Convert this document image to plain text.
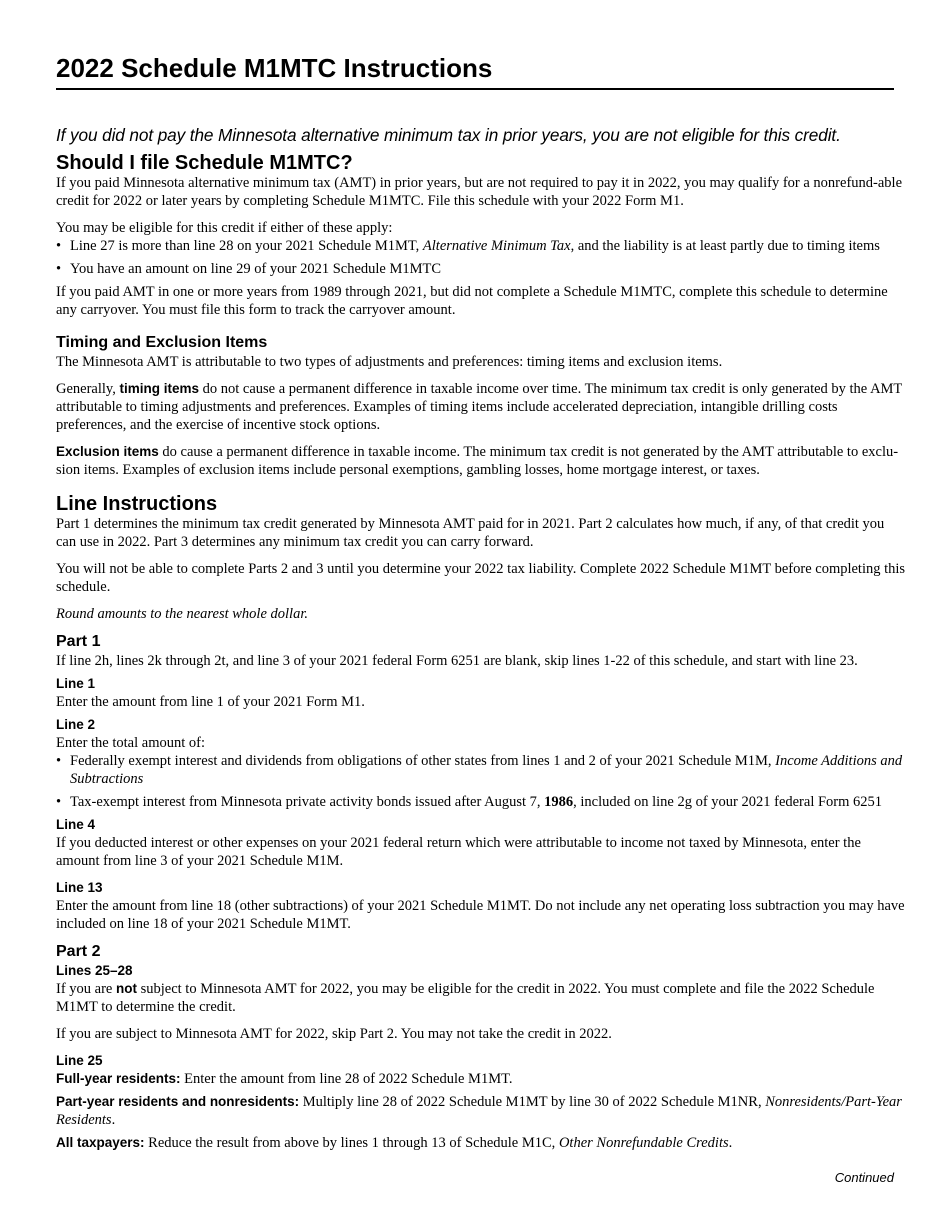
2022 Schedule M1MTC Instructions
If you did not pay the Minnesota alternative minimum tax in prior years, you are not eligible for this credit.
Should I file Schedule M1MTC?

If you paid Minnesota alternative minimum tax (AMT) in prior years, but are not required to pay it in 2022, you may qualify for a nonrefund-able credit for 2022 or later years by completing Schedule M1MTC. File this schedule with your 2022 Form M1.

You may be eligible for this credit if either of these apply:

• Line 27 is more than line 28 on your 2021 Schedule M1MT, Alternative Minimum Tax, and the liability is at least partly due to timing items
• You have an amount on line 29 of your 2021 Schedule M1MTC

If you paid AMT in one or more years from 1989 through 2021, but did not complete a Schedule M1MTC, complete this schedule to determine any carryover. You must file this form to track the carryover amount.

Timing and Exclusion Items

The Minnesota AMT is attributable to two types of adjustments and preferences: timing items and exclusion items.

Generally, timing items do not cause a permanent difference in taxable income over time. The minimum tax credit is only generated by the AMT attributable to timing adjustments and preferences. Examples of timing items include accelerated depreciation, intangible drilling costs preferences, and the exercise of incentive stock options.

Exclusion items do cause a permanent difference in taxable income. The minimum tax credit is not generated by the AMT attributable to exclu-sion items. Examples of exclusion items include personal exemptions, gambling losses, home mortgage interest, or taxes.

Line Instructions

Part 1 determines the minimum tax credit generated by Minnesota AMT paid for in 2021. Part 2 calculates how much, if any, of that credit you can use in 2022. Part 3 determines any minimum tax credit you can carry forward.

You will not be able to complete Parts 2 and 3 until you determine your 2022 tax liability. Complete 2022 Schedule M1MT before completing this schedule.

Round amounts to the nearest whole dollar.

Part 1

If line 2h, lines 2k through 2t, and line 3 of your 2021 federal Form 6251 are blank, skip lines 1-22 of this schedule, and start with line 23.

Line 1

Enter the amount from line 1 of your 2021 Form M1.

Line 2

Enter the total amount of:

• Federally exempt interest and dividends from obligations of other states from lines 1 and 2 of your 2021 Schedule M1M, Income Additions and Subtractions
• Tax-exempt interest from Minnesota private activity bonds issued after August 7, 1986, included on line 2g of your 2021 federal Form 6251
Line 4

If you deducted interest or other expenses on your 2021 federal return which were attributable to income not taxed by Minnesota, enter the amount from line 3 of your 2021 Schedule M1M.

Line 13

Enter the amount from line 18 (other subtractions) of your 2021 Schedule M1MT. Do not include any net operating loss subtraction you may have included on line 18 of your 2021 Schedule M1MT.

Part 2
Lines 25–28

If you are not subject to Minnesota AMT for 2022, you may be eligible for the credit in 2022. You must complete and file the 2022 Schedule M1MT to determine the credit.

If you are subject to Minnesota AMT for 2022, skip Part 2. You may not take the credit in 2022.

Line 25

Full-year residents: Enter the amount from line 28 of 2022 Schedule M1MT.

Part-year residents and nonresidents: Multiply line 28 of 2022 Schedule M1MT by line 30 of 2022 Schedule M1NR, Nonresidents/Part-Year Residents.

All taxpayers: Reduce the result from above by lines 1 through 13 of Schedule M1C, Other Nonrefundable Credits.

Continued
